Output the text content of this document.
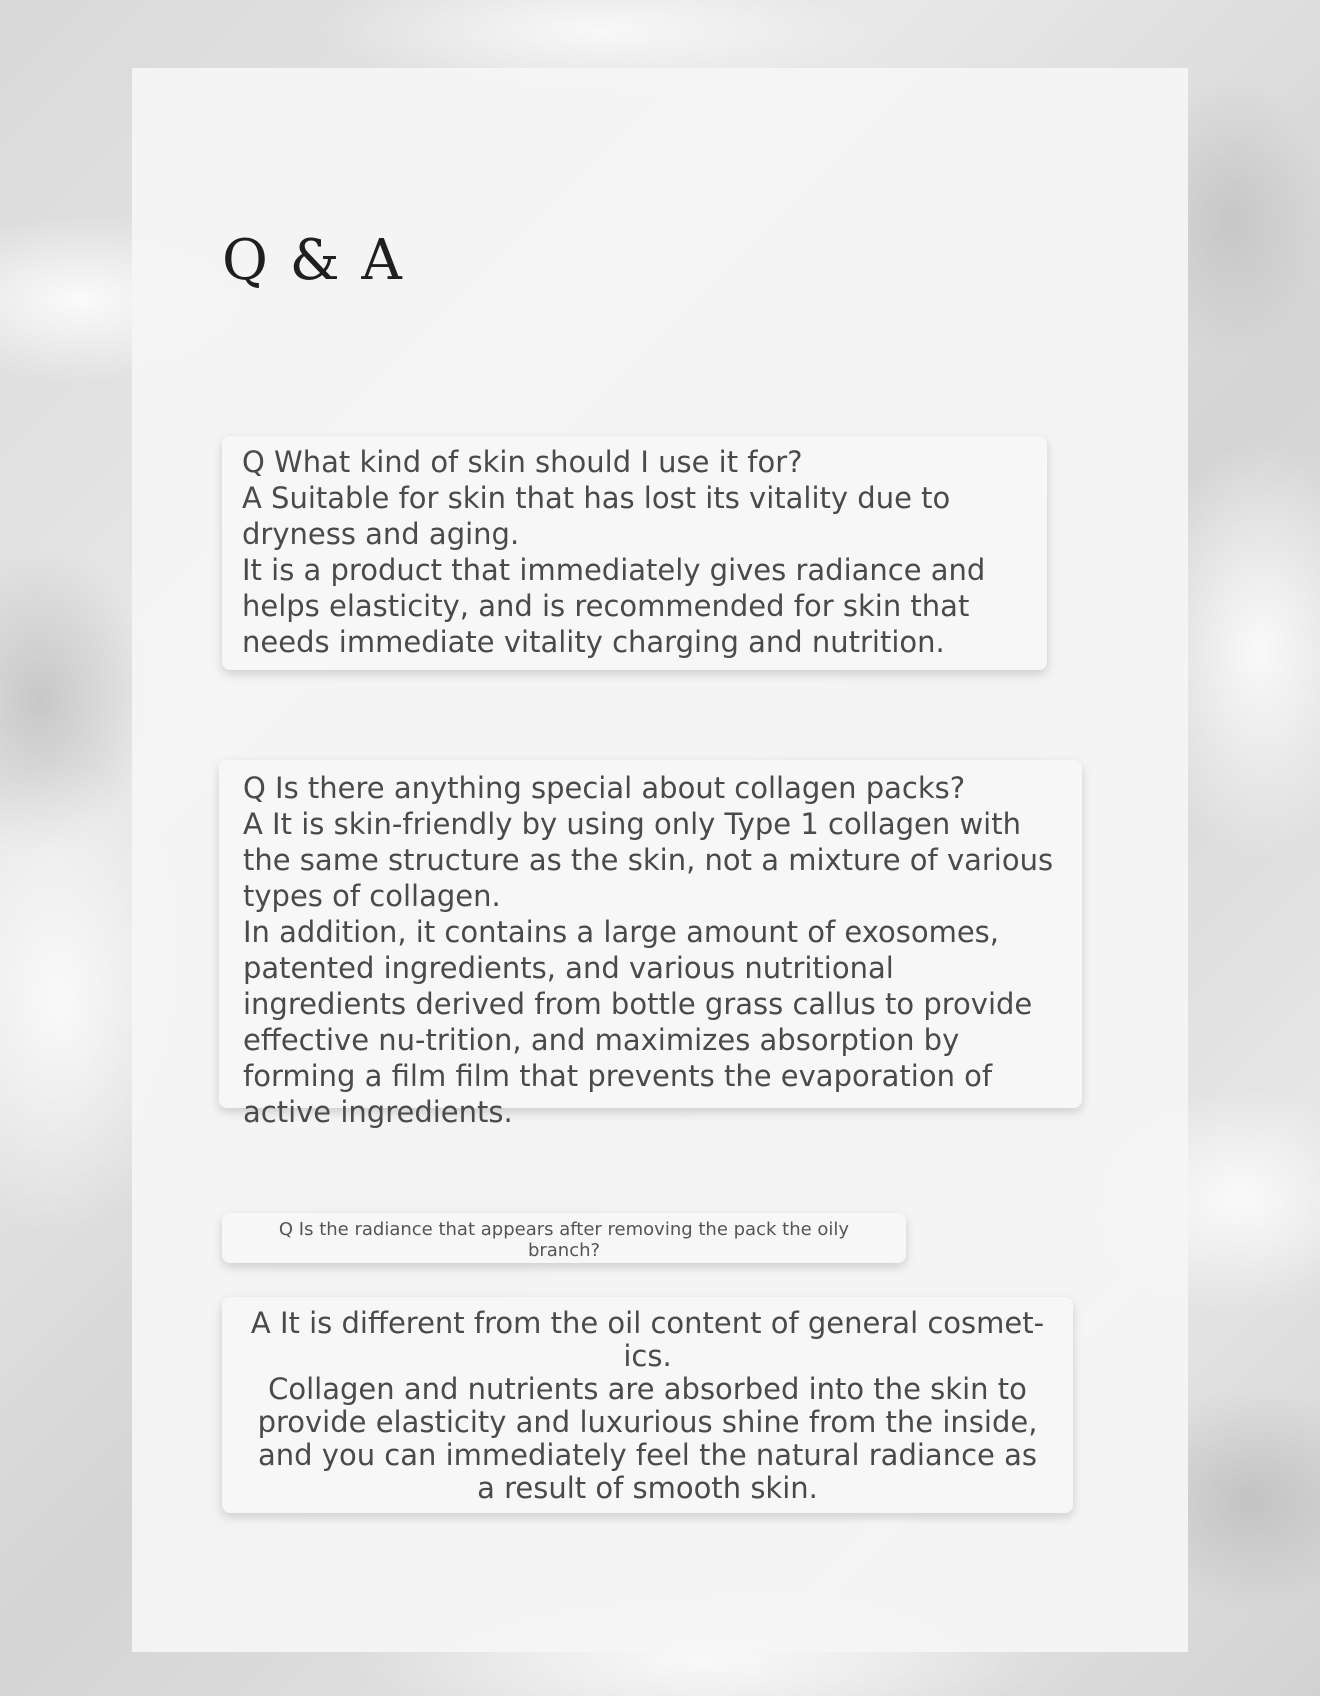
Q & A

Q What kind of skin should I use it for?

A Suitable for skin that has lost its vitality due to dryness and aging.

It is a product that immediately gives radiance and helps elasticity, and is recommended for skin that needs immediate vitality charging and nutrition.

Q Is there anything special about collagen packs?

A It is skin-friendly by using only Type 1 collagen with the same structure as the skin, not a mixture of various types of collagen.

In addition, it contains a large amount of exosomes, patented ingredients, and various nutritional ingredients derived from bottle grass callus to provide effective nu-trition, and maximizes absorption by forming a film film that prevents the evaporation of active ingredients.

Q Is the radiance that appears after removing the pack the oily branch?

A It is different from the oil content of general cosmet-ics.

Collagen and nutrients are absorbed into the skin to provide elasticity and luxurious shine from the inside, and you can immediately feel the natural radiance as a result of smooth skin.
